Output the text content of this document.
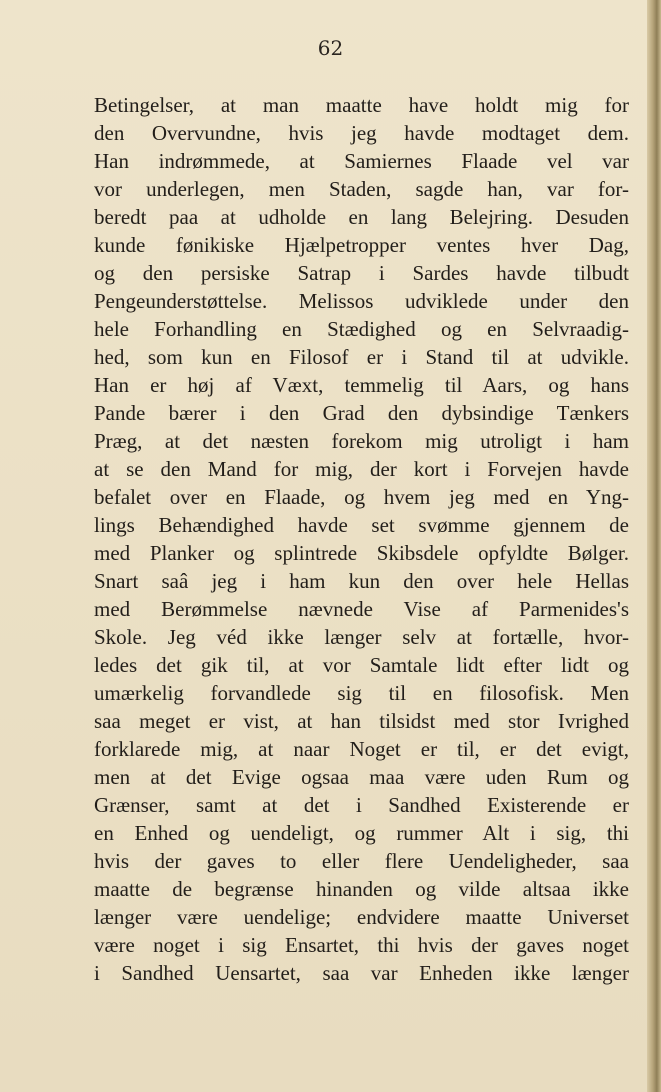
62
Betingelser, at man maatte have holdt mig for
den Overvundne, hvis jeg havde modtaget dem.
Han indrømmede, at Samiernes Flaade vel var
vor underlegen, men Staden, sagde han, var for-
beredt paa at udholde en lang Belejring. Desuden
kunde fønikiske Hjælpetropper ventes hver Dag,
og den persiske Satrap i Sardes havde tilbudt
Pengeunderstøttelse. Melissos udviklede under den
hele Forhandling en Stædighed og en Selvraadig-
hed, som kun en Filosof er i Stand til at udvikle.
Han er høj af Væxt, temmelig til Aars, og hans
Pande bærer i den Grad den dybsindige Tænkers
Præg, at det næsten forekom mig utroligt i ham
at se den Mand for mig, der kort i Forvejen havde
befalet over en Flaade, og hvem jeg med en Yng-
lings Behændighed havde set svømme gjennem de
med Planker og splintrede Skibsdele opfyldte Bølger.
Snart saâ jeg i ham kun den over hele Hellas
med Berømmelse nævnede Vise af Parmenides's
Skole. Jeg véd ikke længer selv at fortælle, hvor-
ledes det gik til, at vor Samtale lidt efter lidt og
umærkelig forvandlede sig til en filosofisk. Men
saa meget er vist, at han tilsidst med stor Ivrighed
forklarede mig, at naar Noget er til, er det evigt,
men at det Evige ogsaa maa være uden Rum og
Grænser, samt at det i Sandhed Existerende er
en Enhed og uendeligt, og rummer Alt i sig, thi
hvis der gaves to eller flere Uendeligheder, saa
maatte de begrænse hinanden og vilde altsaa ikke
længer være uendelige; endvidere maatte Universet
være noget i sig Ensartet, thi hvis der gaves noget
i Sandhed Uensartet, saa var Enheden ikke længer
